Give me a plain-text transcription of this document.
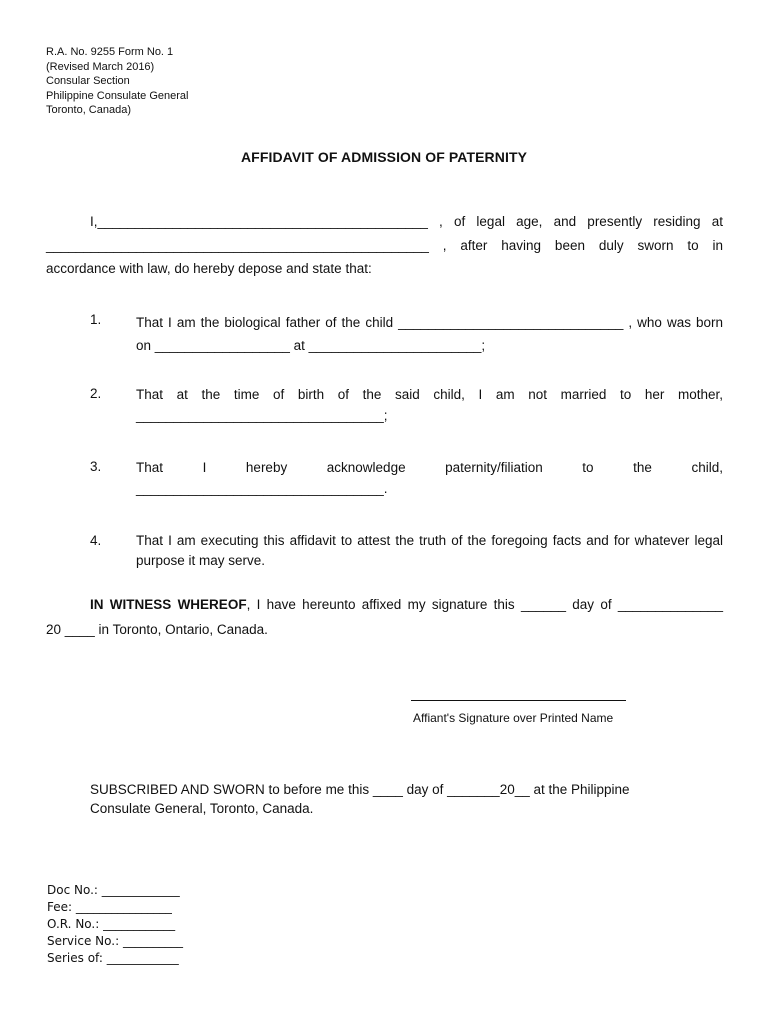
R.A. No. 9255 Form No. 1
(Revised March 2016)
Consular Section
Philippine Consulate General
Toronto, Canada)
AFFIDAVIT OF ADMISSION OF PATERNITY
I,____________________________________________ , of legal age, and presently residing at
___________________________________________________ , after having been duly sworn to in
accordance with law, do hereby depose and state that:
1.	That I am the biological father of the child ______________________________ , who was born
on __________________ at _______________________;
2.	That at the time of birth of the said child, I am not married to her mother,
_________________________________;
3.	That I hereby acknowledge paternity/filiation to the child,
_________________________________.
4.	That I am executing this affidavit to attest the truth of the foregoing facts and for whatever legal
purpose it may serve.
IN WITNESS WHEREOF, I have hereunto affixed my signature this ______ day of ______________
20 ____ in Toronto, Ontario, Canada.
Affiant's Signature over Printed Name
SUBSCRIBED AND SWORN to before me this ____ day of _______20__ at the Philippine
Consulate General, Toronto, Canada.
Doc No.: _____________
Fee: ________________
O.R. No.: ____________
Service No.: __________
Series of: ____________
